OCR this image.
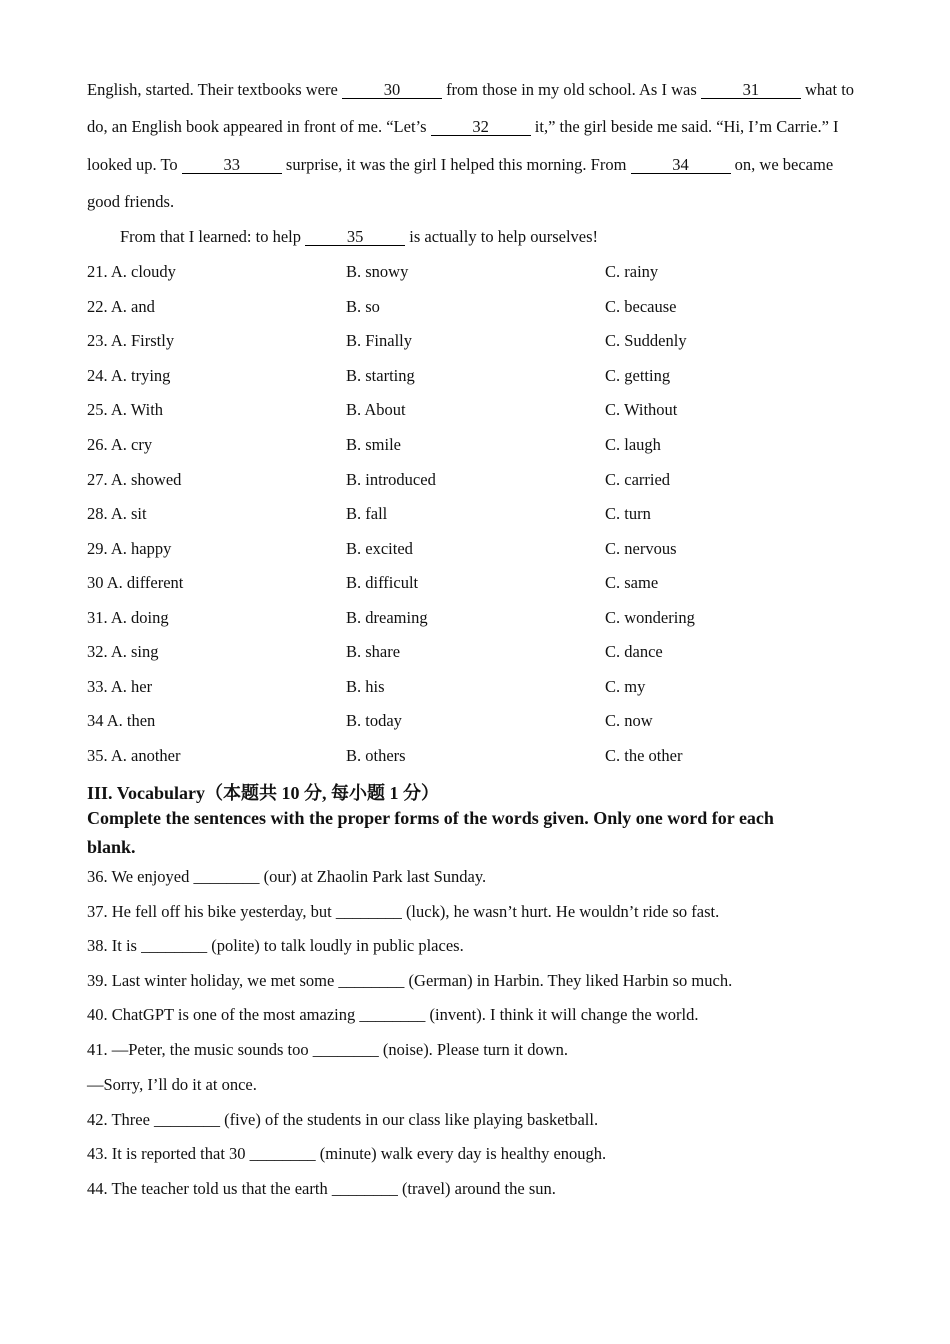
English, started. Their textbooks were	30	from those in my old school. As I was	31	what to
do, an English book appeared in front of me. “Let’s	32	it,” the girl beside me said. “Hi, I’m Carrie.” I
looked up. To	33	surprise, it was the girl I helped this morning. From	34	on, we became
good friends.
From that I learned: to help	35	is actually to help ourselves!
21. A. cloudy	B. snowy	C. rainy
22. A. and	B. so	C. because
23. A. Firstly	B. Finally	C. Suddenly
24. A. trying	B. starting	C. getting
25. A. With	B. About	C. Without
26. A. cry	B. smile	C. laugh
27. A. showed	B. introduced	C. carried
28. A. sit	B. fall	C. turn
29. A. happy	B. excited	C. nervous
30 A. different	B. difficult	C. same
31. A. doing	B. dreaming	C. wondering
32. A. sing	B. share	C. dance
33. A. her	B. his	C. my
34 A. then	B. today	C. now
35. A. another	B. others	C. the other
III. Vocabulary（本题共 10 分, 每小题 1 分）
Complete the sentences with the proper forms of the words given. Only one word for each
blank.
36. We enjoyed ________ (our) at Zhaolin Park last Sunday.
37. He fell off his bike yesterday, but ________ (luck), he wasn’t hurt. He wouldn’t ride so fast.
38. It is ________ (polite) to talk loudly in public places.
39. Last winter holiday, we met some ________ (German) in Harbin. They liked Harbin so much.
40. ChatGPT is one of the most amazing ________ (invent). I think it will change the world.
41. —Peter, the music sounds too ________ (noise). Please turn it down.
—Sorry, I’ll do it at once.
42. Three ________ (five) of the students in our class like playing basketball.
43. It is reported that 30 ________ (minute) walk every day is healthy enough.
44. The teacher told us that the earth ________ (travel) around the sun.
